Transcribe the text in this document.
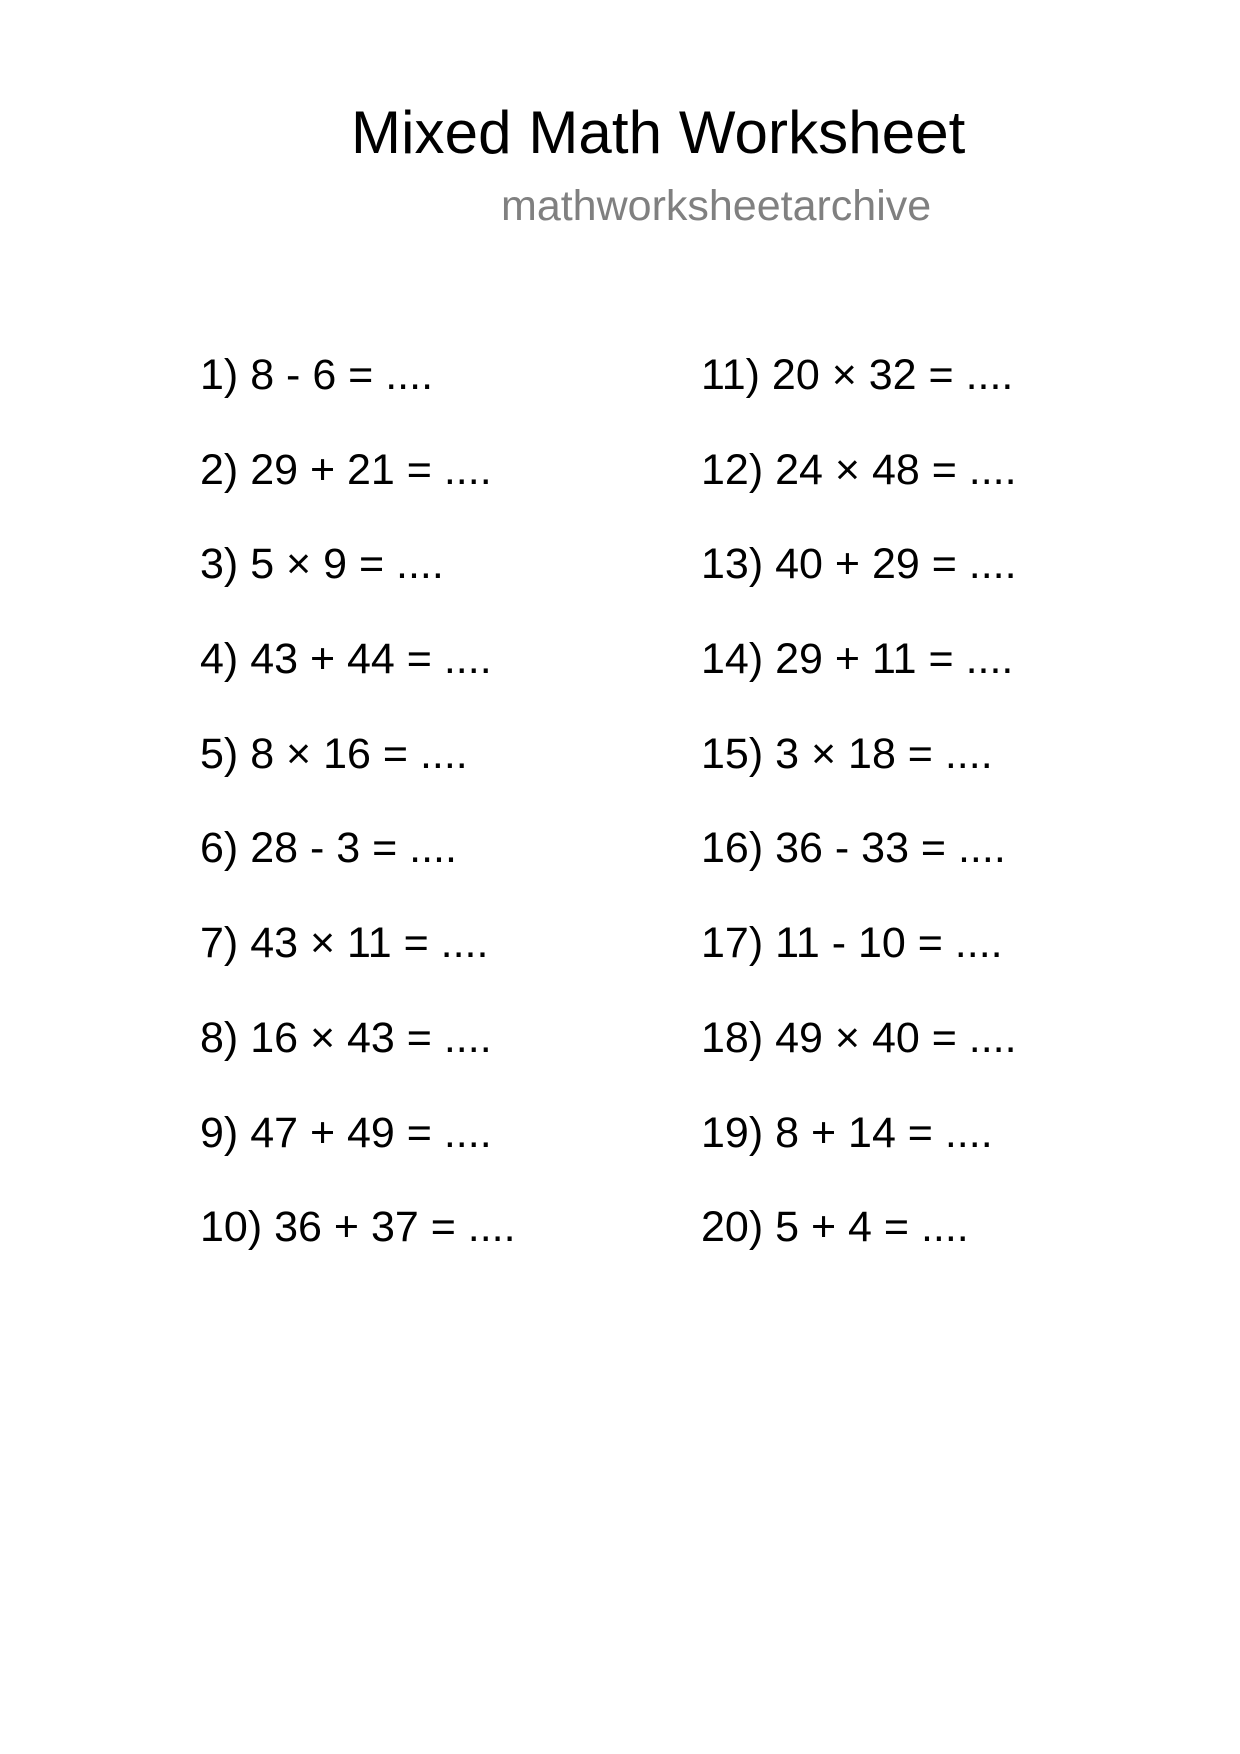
Mixed Math Worksheet
mathworksheetarchive
1) 8 - 6 = ....
2) 29 + 21 = ....
3) 5 × 9 = ....
4) 43 + 44 = ....
5) 8 × 16 = ....
6) 28 - 3 = ....
7) 43 × 11 = ....
8) 16 × 43 = ....
9) 47 + 49 = ....
10) 36 + 37 = ....
11) 20 × 32 = ....
12) 24 × 48 = ....
13) 40 + 29 = ....
14) 29 + 11 = ....
15) 3 × 18 = ....
16) 36 - 33 = ....
17) 11 - 10 = ....
18) 49 × 40 = ....
19) 8 + 14 = ....
20) 5 + 4 = ....
